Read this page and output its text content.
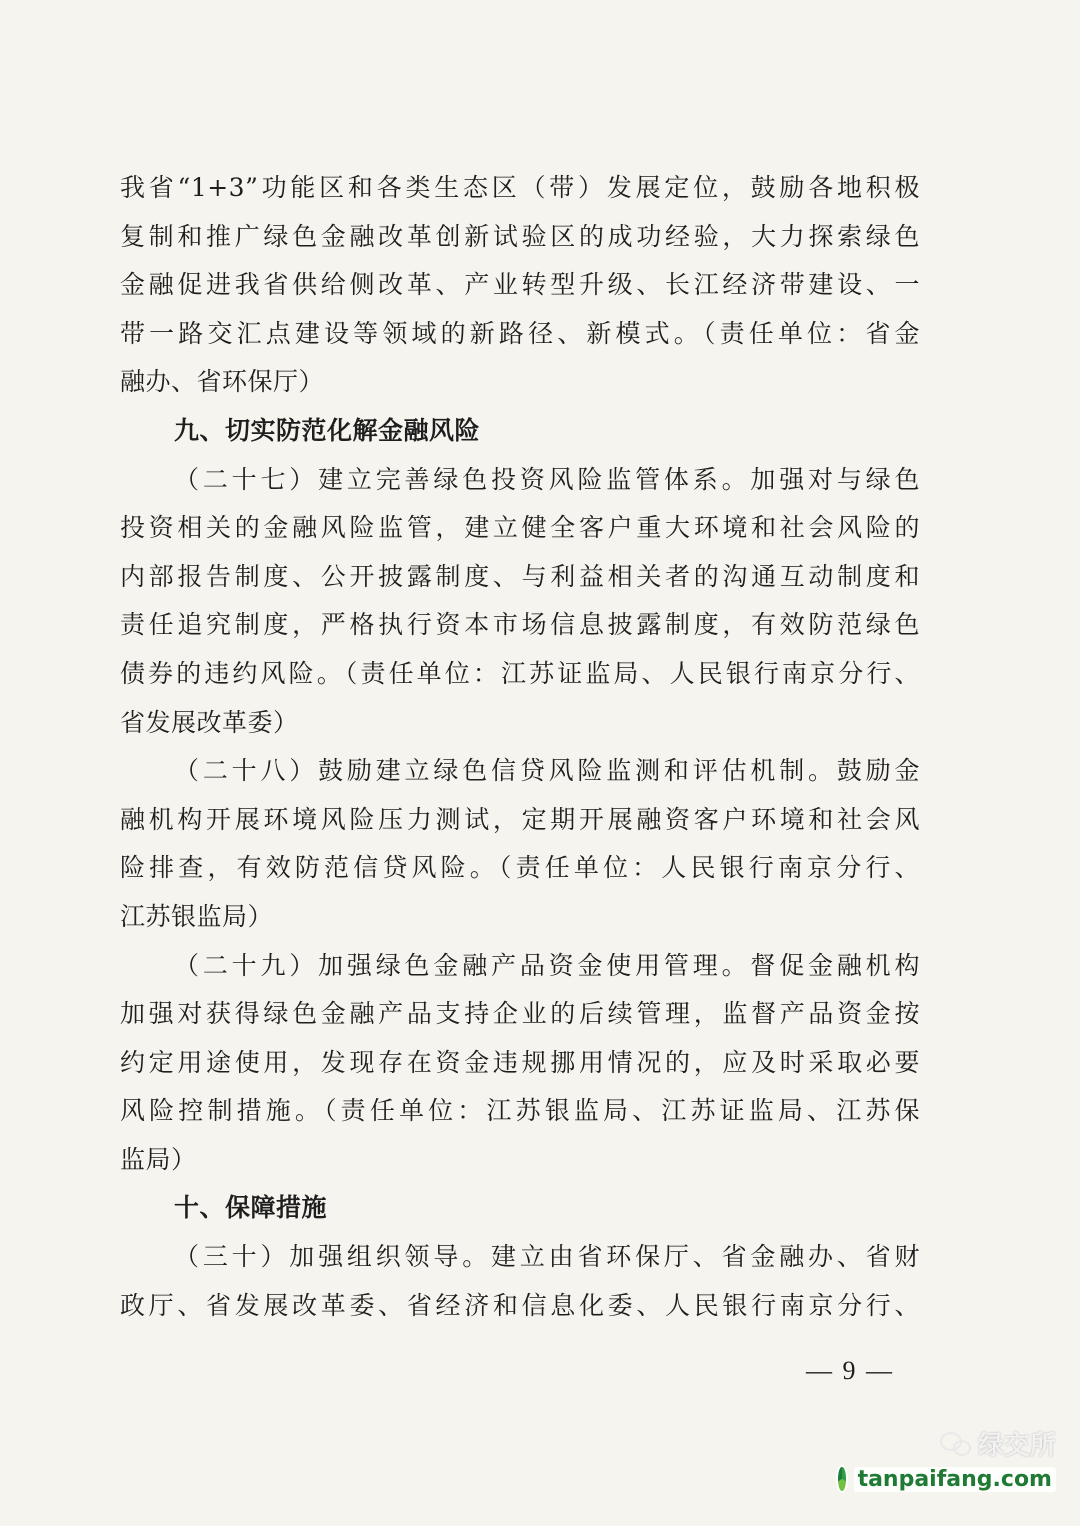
我省“1+3”功能区和各类生态区（带）发展定位，鼓励各地积极
复制和推广绿色金融改革创新试验区的成功经验，大力探索绿色
金融促进我省供给侧改革、产业转型升级、长江经济带建设、一
带一路交汇点建设等领域的新路径、新模式。（责任单位：省金
融办、省环保厅）
九、切实防范化解金融风险
（二十七）建立完善绿色投资风险监管体系。加强对与绿色
投资相关的金融风险监管，建立健全客户重大环境和社会风险的
内部报告制度、公开披露制度、与利益相关者的沟通互动制度和
责任追究制度，严格执行资本市场信息披露制度，有效防范绿色
债券的违约风险。（责任单位：江苏证监局、人民银行南京分行、
省发展改革委）
（二十八）鼓励建立绿色信贷风险监测和评估机制。鼓励金
融机构开展环境风险压力测试，定期开展融资客户环境和社会风
险排查，有效防范信贷风险。（责任单位：人民银行南京分行、
江苏银监局）
（二十九）加强绿色金融产品资金使用管理。督促金融机构
加强对获得绿色金融产品支持企业的后续管理，监督产品资金按
约定用途使用，发现存在资金违规挪用情况的，应及时采取必要
风险控制措施。（责任单位：江苏银监局、江苏证监局、江苏保
监局）
十、保障措施
（三十）加强组织领导。建立由省环保厅、省金融办、省财
政厅、省发展改革委、省经济和信息化委、人民银行南京分行、
— 9 —
绿交所
tanpaifang.com
